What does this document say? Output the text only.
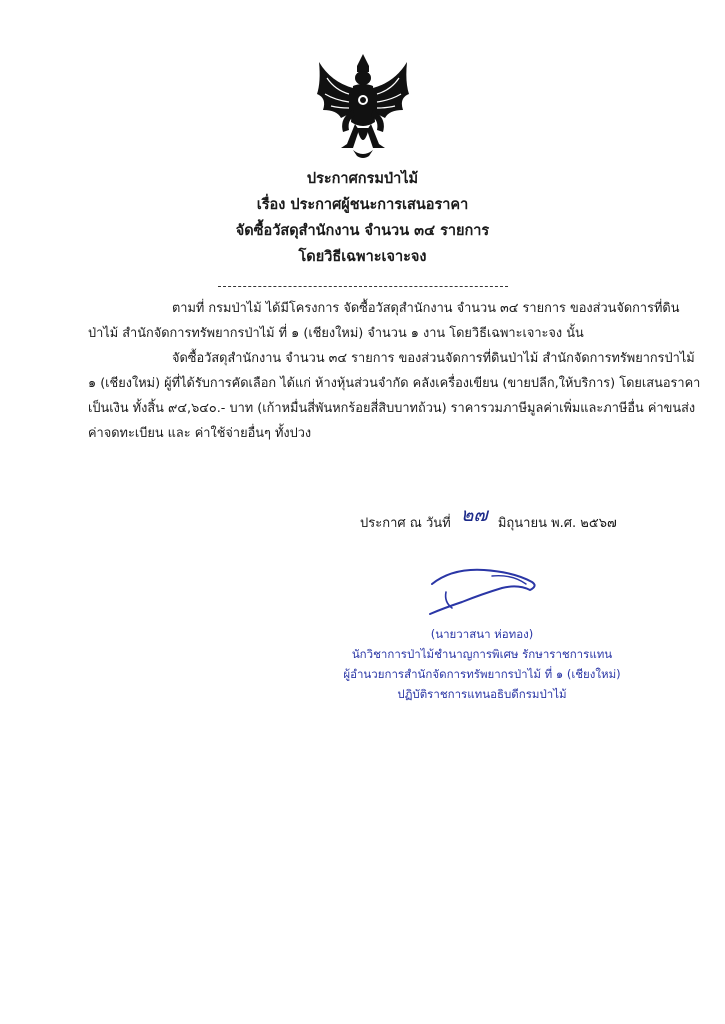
ประกาศกรมป่าไม้
เรื่อง ประกาศผู้ชนะการเสนอราคา
จัดซื้อวัสดุสำนักงาน จำนวน ๓๔ รายการ
โดยวิธีเฉพาะเจาะจง
ตามที่ กรมป่าไม้ ได้มีโครงการ จัดซื้อวัสดุสำนักงาน จำนวน ๓๔ รายการ ของส่วนจัดการที่ดิน
ป่าไม้ สำนักจัดการทรัพยากรป่าไม้ ที่ ๑ (เชียงใหม่) จำนวน ๑ งาน โดยวิธีเฉพาะเจาะจง นั้น
จัดซื้อวัสดุสำนักงาน จำนวน ๓๔ รายการ ของส่วนจัดการที่ดินป่าไม้ สำนักจัดการทรัพยากรป่าไม้
๑ (เชียงใหม่) ผู้ที่ได้รับการคัดเลือก ได้แก่ ห้างหุ้นส่วนจำกัด คลังเครื่องเขียน (ขายปลีก,ให้บริการ) โดยเสนอราคา
เป็นเงิน ทั้งสิ้น ๙๔,๖๔๐.- บาท (เก้าหมื่นสี่พันหกร้อยสี่สิบบาทถ้วน) ราคารวมภาษีมูลค่าเพิ่มและภาษีอื่น ค่าขนส่ง
ค่าจดทะเบียน และ ค่าใช้จ่ายอื่นๆ ทั้งปวง
ประกาศ ณ วันที่ ๒๗ มิถุนายน พ.ศ. ๒๕๖๗
(นายวาสนา ห่อทอง)
นักวิชาการป่าไม้ชำนาญการพิเศษ รักษาราชการแทน
ผู้อำนวยการสำนักจัดการทรัพยากรป่าไม้ ที่ ๑ (เชียงใหม่)
ปฏิบัติราชการแทนอธิบดีกรมป่าไม้
